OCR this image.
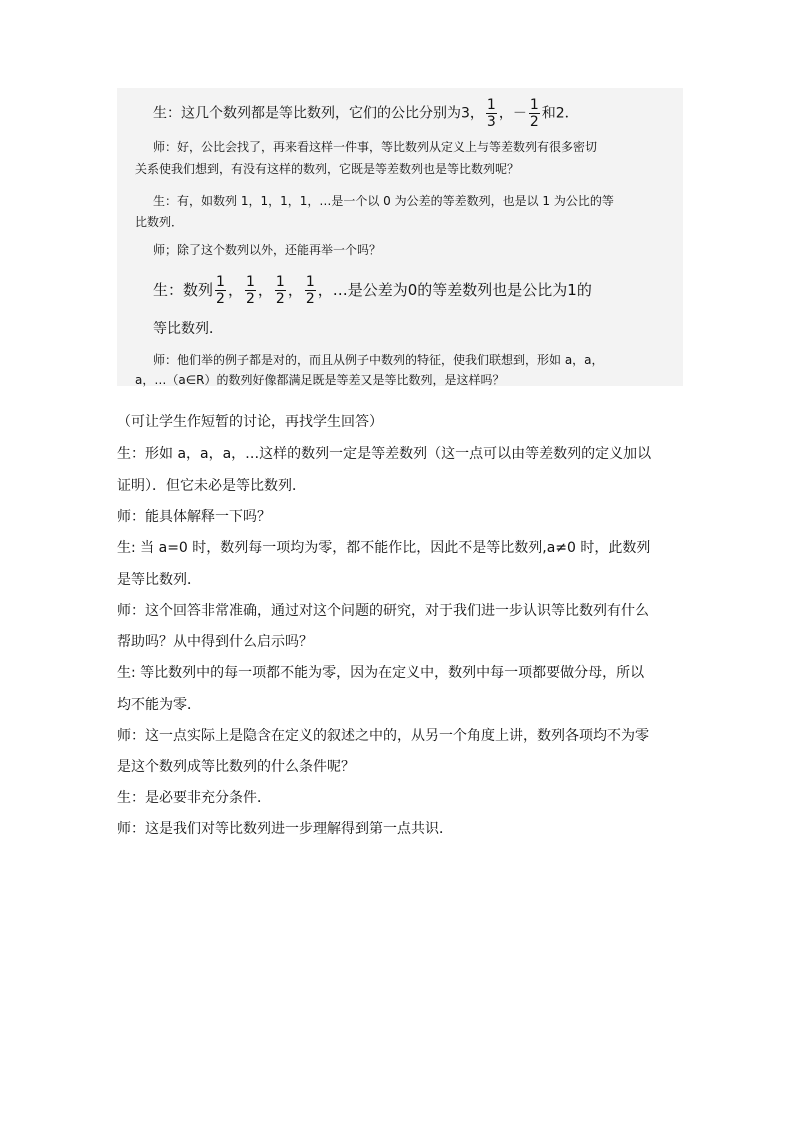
生：这几个数列都是等比数列，它们的公比分别为3， $\frac{1}{3}$ ，－ $\frac{1}{2}$ 和2．
师：好，公比会找了，再来看这样一件事，等比数列从定义上与等差数列有很多密切
关系使我们想到，有没有这样的数列，它既是等差数列也是等比数列呢？
生：有，如数列 1，1，1，1，…是一个以 0 为公差的等差数列，也是以 1 为公比的等
比数列．
师；除了这个数列以外，还能再举一个吗？
生：数列 $\frac{1}{2}$ ， $\frac{1}{2}$ ， $\frac{1}{2}$ ， $\frac{1}{2}$ ，…是公差为0的等差数列也是公比为1的
等比数列．
师：他们举的例子都是对的，而且从例子中数列的特征，使我们联想到，形如 a，a，
a，…（a∈R）的数列好像都满足既是等差又是等比数列，是这样吗？
（可让学生作短暂的讨论，再找学生回答）
生：形如 a，a，a，…这样的数列一定是等差数列（这一点可以由等差数列的定义加以
证明）．但它未必是等比数列．
师：能具体解释一下吗？
生: 当 a=0 时，数列每一项均为零，都不能作比，因此不是等比数列,a≠0 时，此数列
是等比数列．
师：这个回答非常准确，通过对这个问题的研究，对于我们进一步认识等比数列有什么
帮助吗？从中得到什么启示吗？
生: 等比数列中的每一项都不能为零，因为在定义中，数列中每一项都要做分母，所以
均不能为零．
师：这一点实际上是隐含在定义的叙述之中的，从另一个角度上讲，数列各项均不为零
是这个数列成等比数列的什么条件呢？
生：是必要非充分条件．
师：这是我们对等比数列进一步理解得到第一点共识．
